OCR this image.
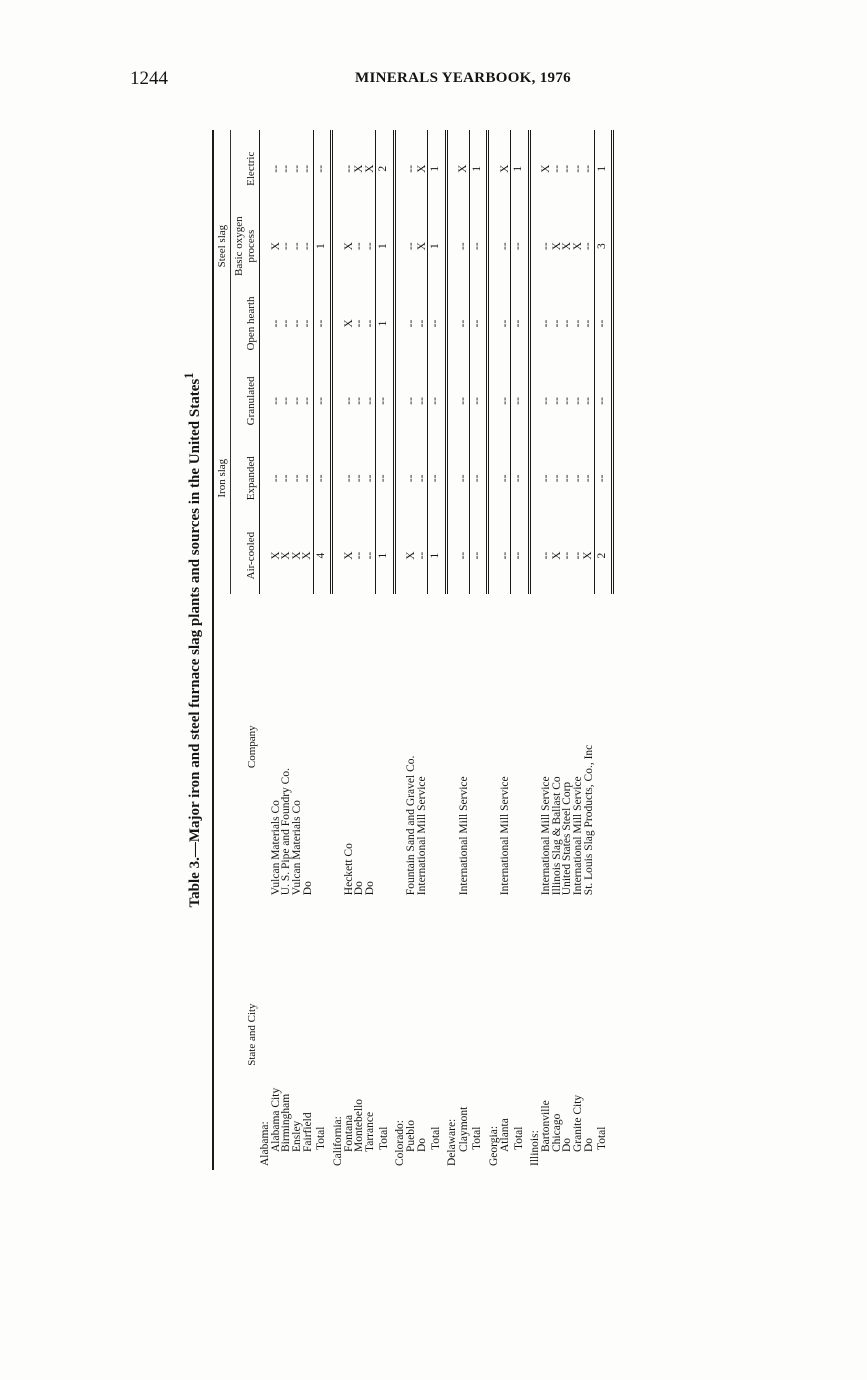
1244	MINERALS YEARBOOK, 1976
Table 3.—Major iron and steel furnace slag plants and sources in the United States$^1$
State and City	Company	Iron slag			Steel slag		
		Air-cooled	Expanded	Granulated	Open hearth	Basic oxygen process	Electric
Alabama:							
Alabama City	Vulcan Materials Co	X	--	--	--	X	--
Birmingham	U. S. Pipe and Foundry Co.	X	--	--	--	--	--
Ensley	Vulcan Materials Co	X	--	--	--	--	--
Fairfield	Do	X	--	--	--	--	--
Total		4	--	--	--	1	--
California:							
Fontana	Heckett Co	X	--	--	X	X	--
Montebello	Do	--	--	--	--	--	X
Tarrance	Do	--	--	--	--	--	X
Total		1	--	--	1	1	2
Colorado:							
Pueblo	Fountain Sand and Gravel Co.	X	--	--	--	--	--
Do	International Mill Service	--	--	--	--	X	X
Total		1	--	--	--	1	1
Delaware:							
Claymont	International Mill Service	--	--	--	--	--	X
Total		--	--	--	--	--	1
Georgia:							
Atlanta	International Mill Service	--	--	--	--	--	X
Total		--	--	--	--	--	1
Illinois:							
Bartonville	International Mill Service	--	--	--	--	--	X
Chicago	Illinois Slag & Ballast Co	X	--	--	--	X	--
Do	United States Steel Corp	--	--	--	--	X	--
Granite City	International Mill Service	--	--	--	--	X	--
Do	St. Louis Slag Products, Co., Inc	X	--	--	--	--	--
Total		2	--	--	--	3	1
